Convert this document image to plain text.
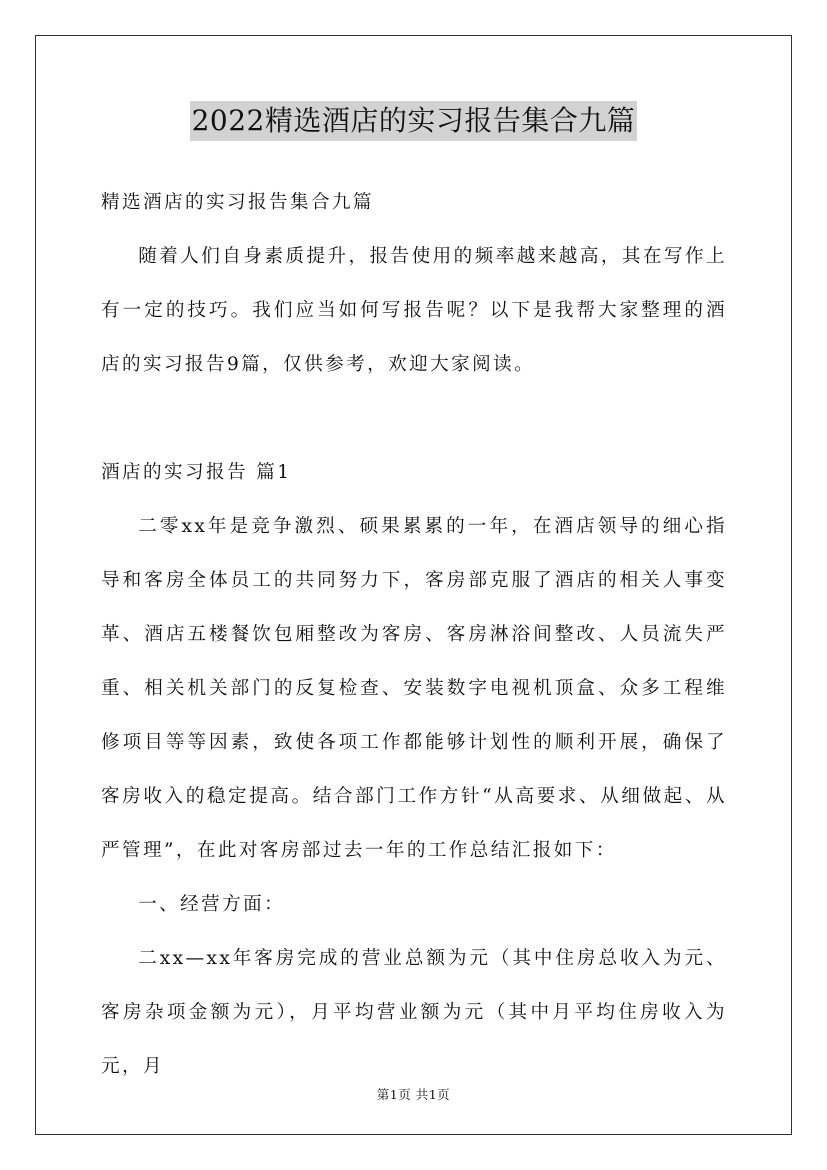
2022精选酒店的实习报告集合九篇

精选酒店的实习报告集合九篇

随着人们自身素质提升，报告使用的频率越来越高，其在写作上有一定的技巧。我们应当如何写报告呢？以下是我帮大家整理的酒店的实习报告9篇，仅供参考，欢迎大家阅读。

酒店的实习报告 篇1

二零xx年是竞争激烈、硕果累累的一年，在酒店领导的细心指导和客房全体员工的共同努力下，客房部克服了酒店的相关人事变革、酒店五楼餐饮包厢整改为客房、客房淋浴间整改、人员流失严重、相关机关部门的反复检查、安装数字电视机顶盒、众多工程维修项目等等因素，致使各项工作都能够计划性的顺利开展，确保了客房收入的稳定提高。结合部门工作方针“从高要求、从细做起、从严管理”，在此对客房部过去一年的工作总结汇报如下：

一、经营方面：

二xx—xx年客房完成的营业总额为元（其中住房总收入为元、客房杂项金额为元），月平均营业额为元（其中月平均住房收入为元，月

第1页 共1页
